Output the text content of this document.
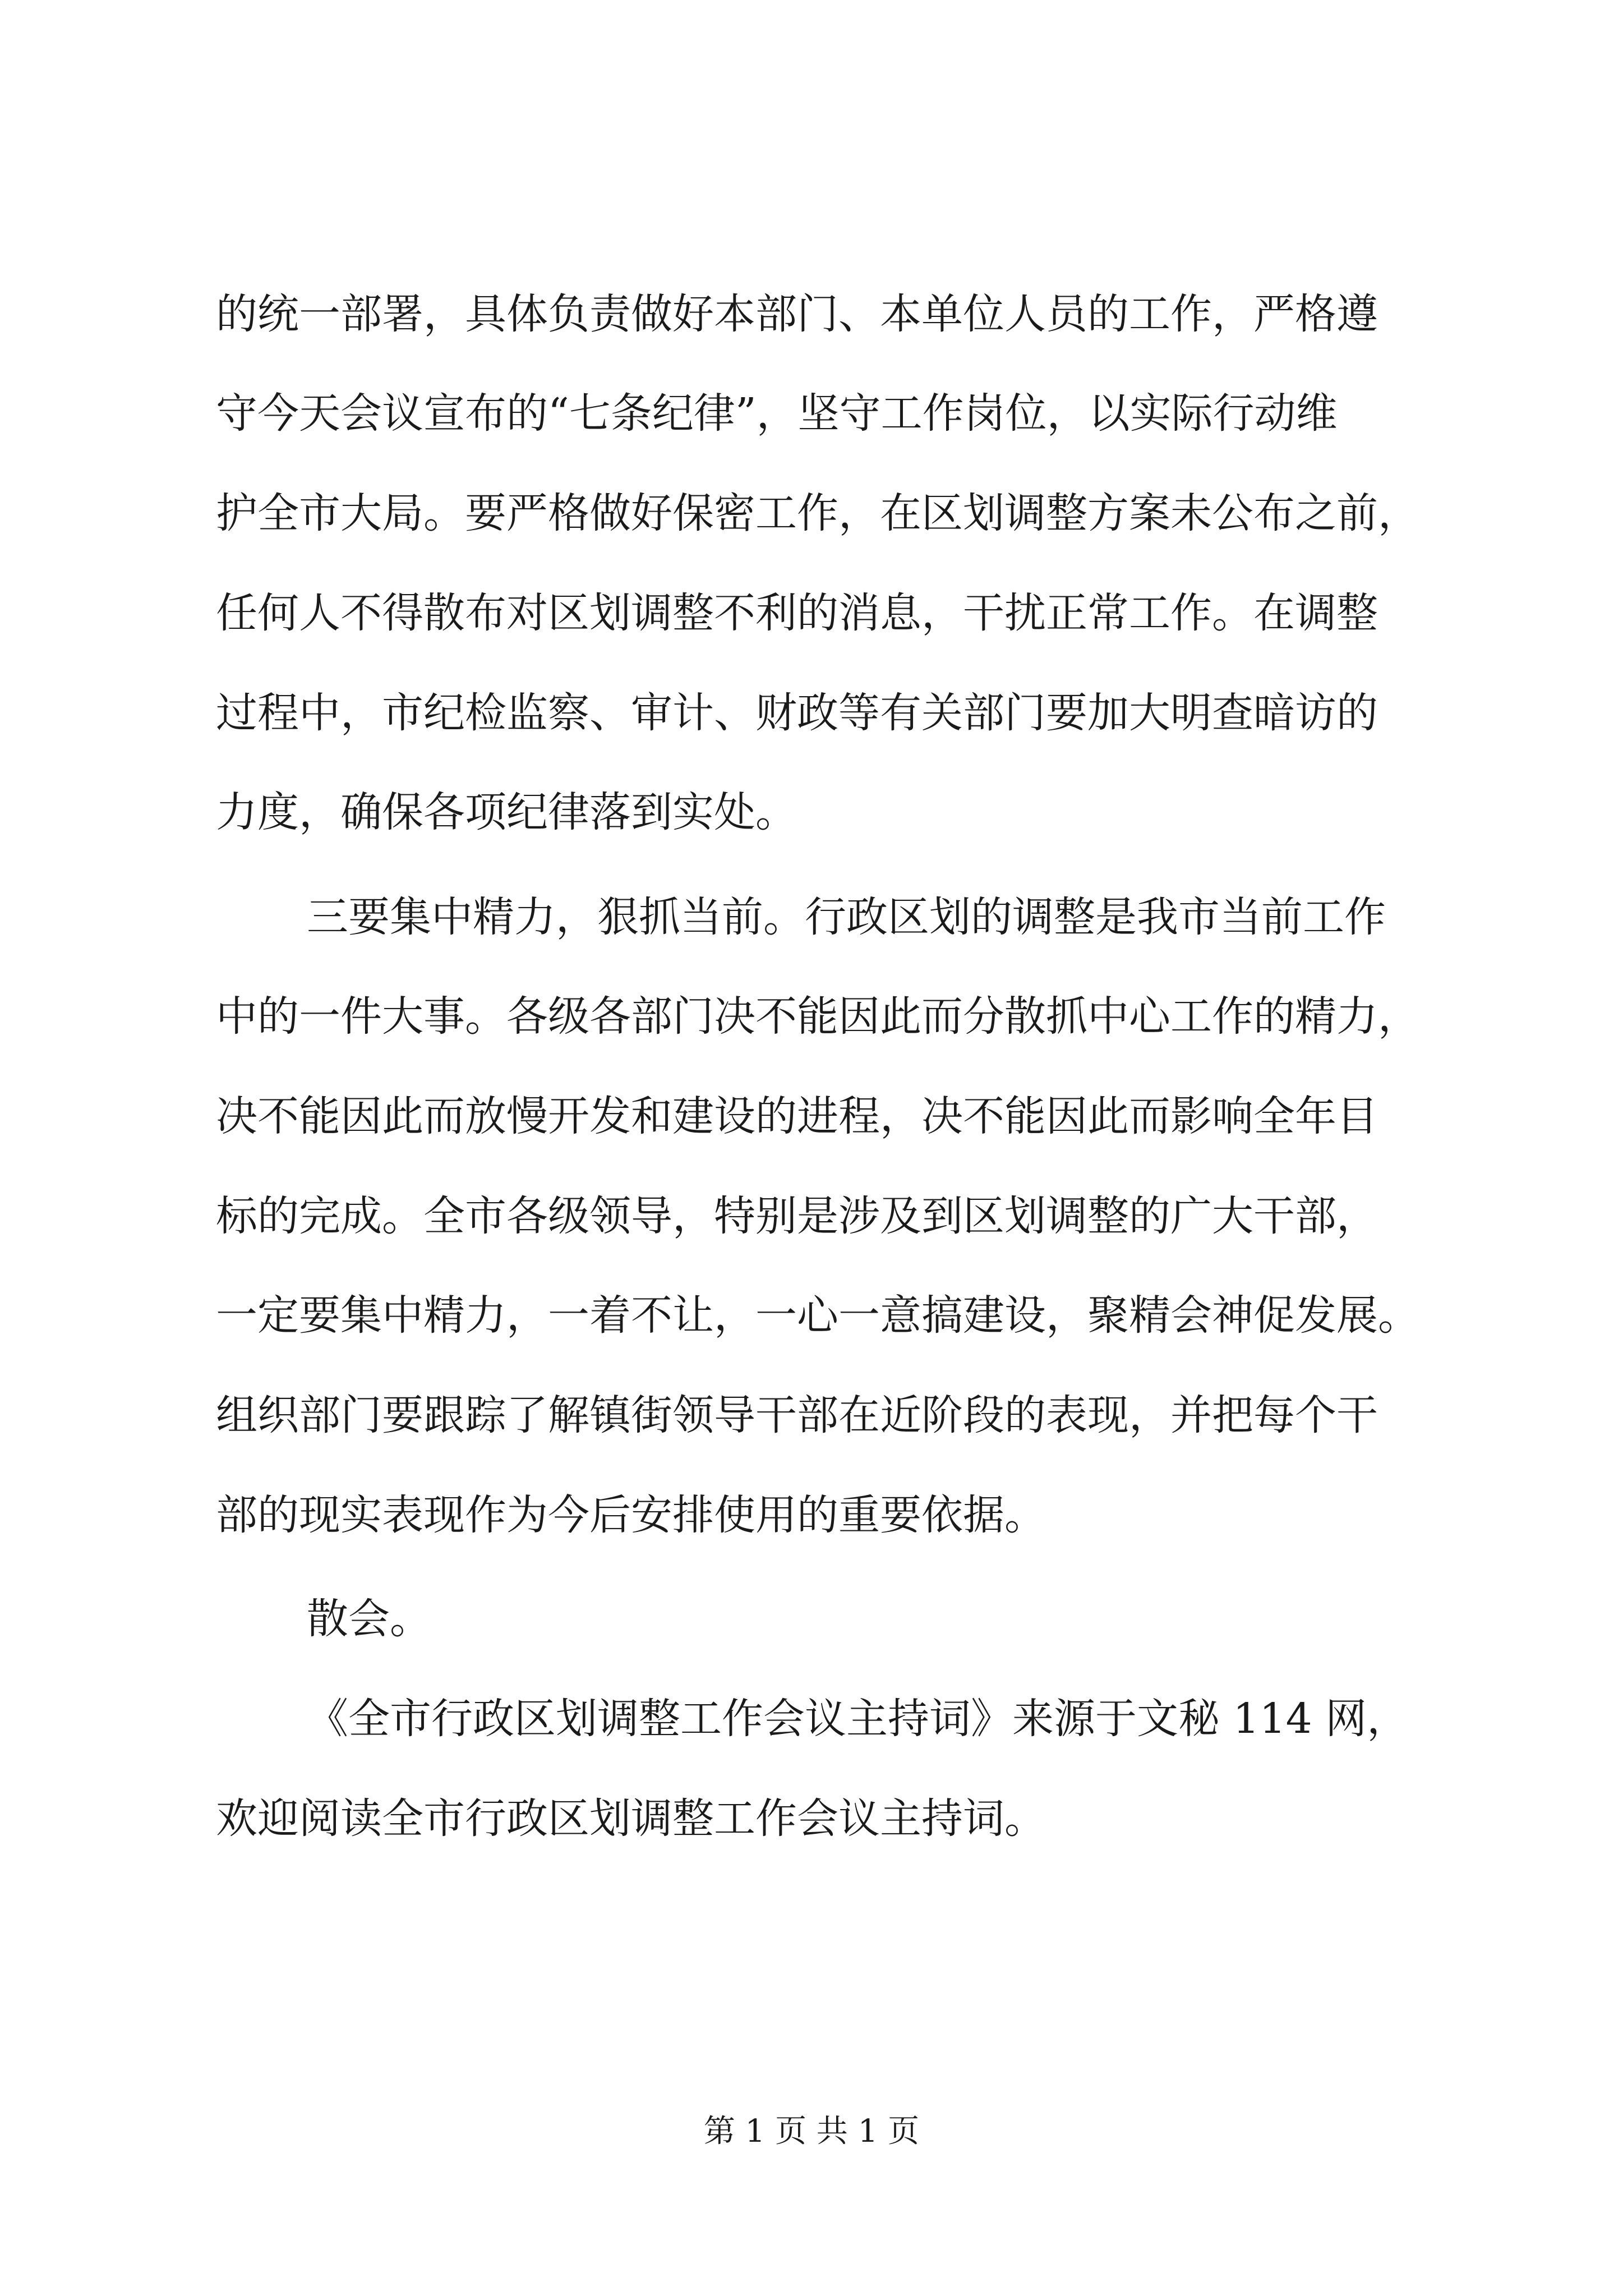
的统一部署，具体负责做好本部门、本单位人员的工作，严格遵
守今天会议宣布的“七条纪律”，坚守工作岗位，以实际行动维
护全市大局。要严格做好保密工作，在区划调整方案未公布之前，
任何人不得散布对区划调整不利的消息，干扰正常工作。在调整
过程中，市纪检监察、审计、财政等有关部门要加大明查暗访的
力度，确保各项纪律落到实处。
三要集中精力，狠抓当前。行政区划的调整是我市当前工作
中的一件大事。各级各部门决不能因此而分散抓中心工作的精力，
决不能因此而放慢开发和建设的进程，决不能因此而影响全年目
标的完成。全市各级领导，特别是涉及到区划调整的广大干部，
一定要集中精力，一着不让，一心一意搞建设，聚精会神促发展。
组织部门要跟踪了解镇街领导干部在近阶段的表现，并把每个干
部的现实表现作为今后安排使用的重要依据。
散会。
《全市行政区划调整工作会议主持词》来源于文秘 114 网，
欢迎阅读全市行政区划调整工作会议主持词。
第 1 页 共 1 页
